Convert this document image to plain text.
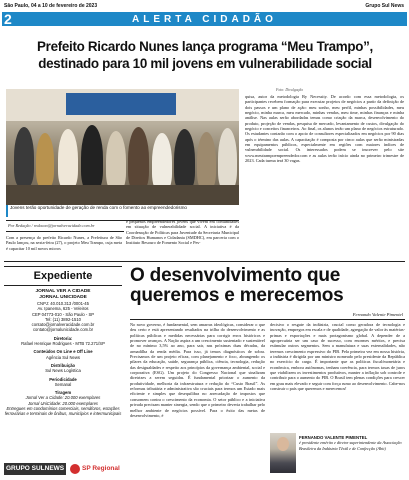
São Paulo, 04 a 10 de fevereiro de 2023	Grupo Sul News
2	ALERTA CIDADÃO
Prefeito Ricardo Nunes lança programa “Meu Trampo”, destinado para 10 mil jovens em vulnerabilidade social
Foto: Divulgação
Jovens terão oportunidade de geração de renda com o fomento ao empreendedorismo
Por Redação / redacao@jornalveracidade.com.br
Com a presença do prefeito Ricardo Nunes, a Prefeitura de São Paulo lançou, na sexta-feira (27), o projeto Meu Trampo, cuja meta é capacitar 10 mil novos micros
e pequenos empreendedores jovens que vivem em comunidades em situação de vulnerabilidade social. A iniciativa é da Coordenação de Políticas para Juventude da Secretaria Municipal de Direitos Humanos e Cidadania (SMDHC), em parceria com o Instituto Besouro de Fomento Social e Pes-
quisa, autor da metodologia By Necessity. De acordo com essa metodologia, os participantes recebem formação para executar projetos de negócios a partir da definição de dois passos e um plano de ação: meu sonho, meu perfil, minhas possibilidades, meu negócio, minha marca, meu mercado, minhas vendas, meu time, minhas finanças e minha análise. Nas aulas serão abordadas temas como criação da marca, desenvolvimento do produto, projeção de vendas, pesquisa de mercado, levantamento de custos, divulgação do negócio e conceitos financeiros. Ao final, os alunos terão um plano de negócios estruturado. Os estudantes contarão com o apoio de consultores especializados em negócios por 90 dias após o término das aulas. A capacitação é composta por cinco aulas que serão ministradas em equipamentos públicos, especialmente em regiões com maiores índices de vulnerabilidade social. Os interessados podem se inscrever pelo site www.meutrampoempreendedor.com e as aulas terão início ainda no primeiro trimestre de 2023. Cada turma terá 30 vagas.
Expediente
JORNAL VER A CIDADE
JORNAL UNICIDADE
CNPJ: 40.010.313 /0001-45
Av. Ipanema, 625 - Veleiros
CEP 04773-010 - São Paulo - SP
Tel: (11) 3892-1510
contato@jornalveracidade.com.br
contato@jornalunicidade.com.br
Diretoria:
Rafael Henrique Rodrigues - MTB 72.271/SP
Conteúdos On Line e Off Line
Agência Sul News
Distribuição
Sul News Logística
Periodicidade
Semanal
Tiragem
Jornal Ver a Cidade: 20.000 exemplares
Jornal UniCidade: 20.000 exemplares
Entregues em condomínios comerciais, semáforos, estações ferroviárias e terminais de ônibus, municípios e intermunicipais
GRUPO SULNEWS	SP Regional
O desenvolvimento que queremos e merecemos
Fernando Valente Pimentel
No novo governo, é fundamental, sem amarras ideológicas, considerar o que deu certo e está apresentando resultados na trilha do desenvolvimento e as políticas públicas e medidas necessárias para corrigir erros históricos e promover avanços. A Nação aspira a um crescimento sustentado e sustentável de no mínimo 3,5% ao ano, para sair, nas próximas duas décadas, da armadilha da renda média. Para isso, já temos diagnósticos de sobra. Precisamos de um projeto eficaz, com planejamento e foco, abrangendo os pilares da educação, saúde, segurança pública, ciência, tecnologia, redução das desigualdades e respeito aos princípios da governança ambiental, social e corporativa (ESG). Um projeto do Congresso Nacional que sinalizam diretrizes a serem seguidas. É fundamental priorizar o aumento da produtividade, melhoria da infraestrutura e redução do “Custo Brasil”. As reformas tributária e administrativa são cruciais para termos um Estado mais eficiente e simples que desequilibra no arrecadação de impostos que consomem contra o crescimento da economia. O setor público e a iniciativa privada precisam manter sinergia, sendo que o primeiro deveria trabalhar pelo melhor ambiente de negócios possível. Para o êxito das metas de desenvolvimento, é
decisivo o resgate da indústria, crucial como geradora de tecnologia e inovação, empregos em escala e de qualidade, agregação de valor às matérias-primas e exportações e mais protagonismo global. A depender de a agropecuária ser um caso de sucesso, com enormes méritos, e precisa estimular outros segmentos. Sem a manufatura e suas externalidades, não teremos crescimento expressivo do PIB. Pela primeira vez em nossa história, a indústria é dirigida por um ministro nomeado pelo presidente da República no exercício do cargo. É importante que as políticas fiscal/monetária e econômica, embora autônomas, tenham coerência, para termos taxas de juros que viabilizem os investimentos produtivos, manter a inflação sob controle e contribuir para o aumento do PIB. O Brasil tem plenas condições para crescer em grau mais elevado e seguir com força rumo ao desenvolvimento. Cabe-nos construir o país que queremos e merecemos!
FERNANDO VALENTE PIMENTEL
é presidente emérito e diretor superintendente da Associação Brasileira da Indústria Têxtil e de Confecção (Abit)
